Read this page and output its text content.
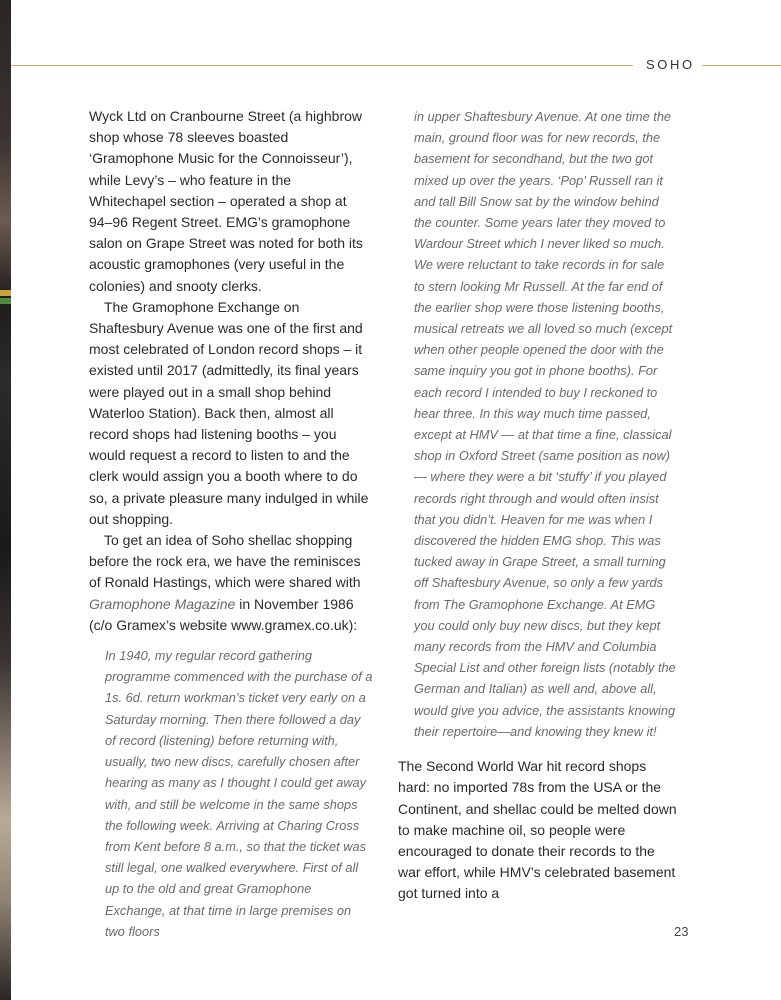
SOHO

Wyck Ltd on Cranbourne Street (a highbrow shop whose 78 sleeves boasted ‘Gramophone Music for the Connoisseur’), while Levy’s – who feature in the Whitechapel section – operated a shop at 94–96 Regent Street. EMG’s gramophone salon on Grape Street was noted for both its acoustic gramophones (very useful in the colonies) and snooty clerks.

The Gramophone Exchange on Shaftesbury Avenue was one of the first and most celebrated of London record shops – it existed until 2017 (admittedly, its final years were played out in a small shop behind Waterloo Station). Back then, almost all record shops had listening booths – you would request a record to listen to and the clerk would assign you a booth where to do so, a private pleasure many indulged in while out shopping.

To get an idea of Soho shellac shopping before the rock era, we have the reminisces of Ronald Hastings, which were shared with Gramophone Magazine in November 1986 (c/o Gramex’s website www.gramex.co.uk):

In 1940, my regular record gathering programme commenced with the purchase of a 1s. 6d. return workman’s ticket very early on a Saturday morning. Then there followed a day of record (listening) before returning with, usually, two new discs, carefully chosen after hearing as many as I thought I could get away with, and still be welcome in the same shops the following week. Arriving at Charing Cross from Kent before 8 a.m., so that the ticket was still legal, one walked everywhere. First of all up to the old and great Gramophone Exchange, at that time in large premises on two floors

in upper Shaftesbury Avenue. At one time the main, ground floor was for new records, the basement for secondhand, but the two got mixed up over the years. ‘Pop’ Russell ran it and tall Bill Snow sat by the window behind the counter. Some years later they moved to Wardour Street which I never liked so much. We were reluctant to take records in for sale to stern looking Mr Russell. At the far end of the earlier shop were those listening booths, musical retreats we all loved so much (except when other people opened the door with the same inquiry you got in phone booths). For each record I intended to buy I reckoned to hear three. In this way much time passed, except at HMV — at that time a fine, classical shop in Oxford Street (same position as now) — where they were a bit ‘stuffy’ if you played records right through and would often insist that you didn’t. Heaven for me was when I discovered the hidden EMG shop. This was tucked away in Grape Street, a small turning off Shaftesbury Avenue, so only a few yards from The Gramophone Exchange. At EMG you could only buy new discs, but they kept many records from the HMV and Columbia Special List and other foreign lists (notably the German and Italian) as well and, above all, would give you advice, the assistants knowing their repertoire—and knowing they knew it!

The Second World War hit record shops hard: no imported 78s from the USA or the Continent, and shellac could be melted down to make machine oil, so people were encouraged to donate their records to the war effort, while HMV’s celebrated basement got turned into a

23
